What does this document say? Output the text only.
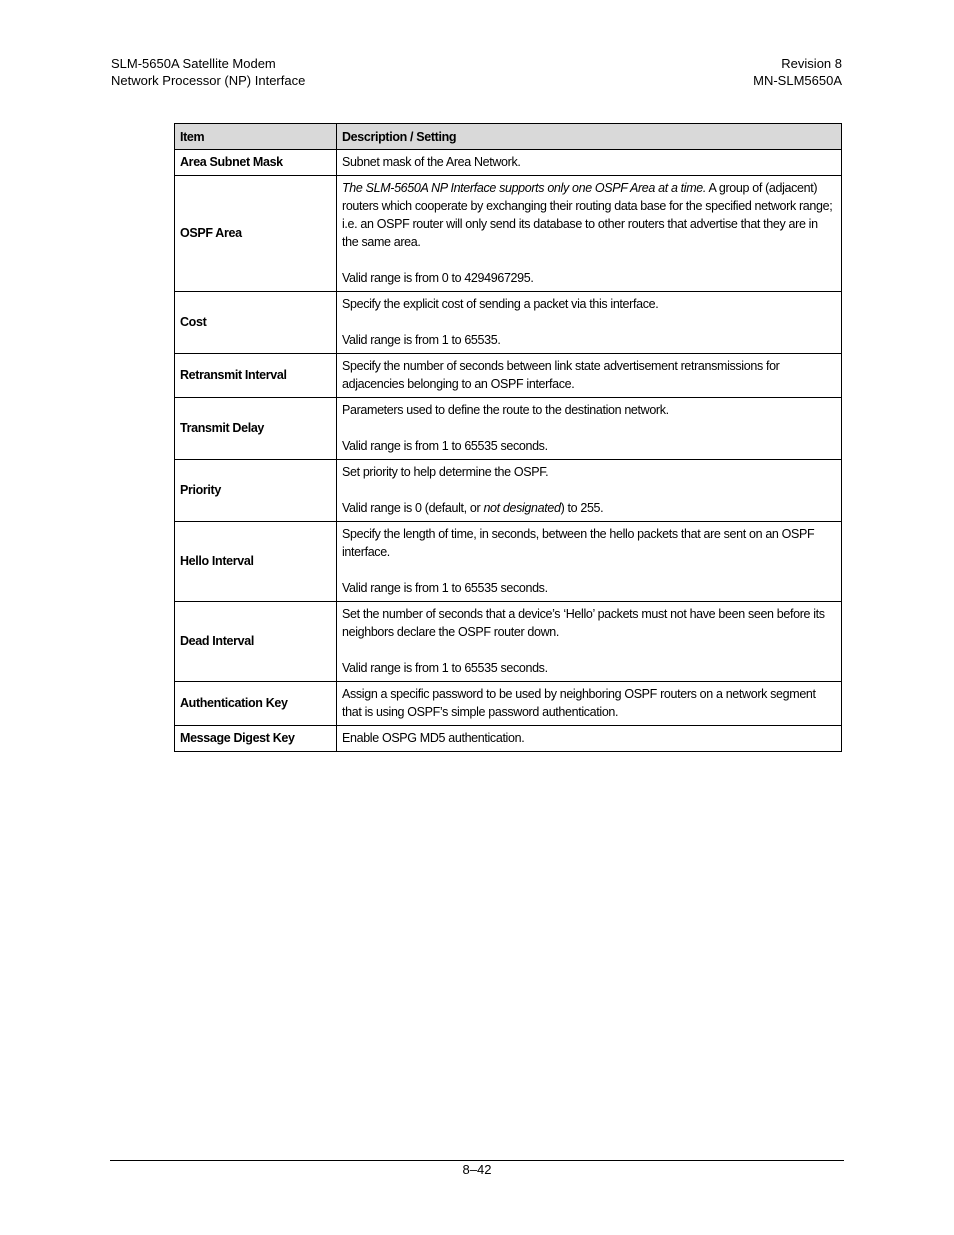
SLM-5650A Satellite Modem
Network Processor (NP) Interface
Revision 8
MN-SLM5650A
Item	Description / Setting
Area Subnet Mask	Subnet mask of the Area Network.

OSPF Area	The SLM-5650A NP Interface supports only one OSPF Area at a time. A group of (adjacent) routers which cooperate by exchanging their routing data base for the specified network range; i.e. an OSPF router will only send its database to other routers that advertise that they are in the same area.

Valid range is from 0 to 4294967295.

Cost	Specify the explicit cost of sending a packet via this interface.

Valid range is from 1 to 65535.

Retransmit Interval	Specify the number of seconds between link state advertisement retransmissions for adjacencies belonging to an OSPF interface.

Transmit Delay	Parameters used to define the route to the destination network.

Valid range is from 1 to 65535 seconds.

Priority	Set priority to help determine the OSPF.

Valid range is 0 (default, or not designated) to 255.

Hello Interval	Specify the length of time, in seconds, between the hello packets that are sent on an OSPF interface.

Valid range is from 1 to 65535 seconds.

Dead Interval	Set the number of seconds that a device’s ‘Hello’ packets must not have been seen before its neighbors declare the OSPF router down.

Valid range is from 1 to 65535 seconds.

Authentication Key	Assign a specific password to be used by neighboring OSPF routers on a network segment that is using OSPF’s simple password authentication.

Message Digest Key	Enable OSPG MD5 authentication.

8–42
